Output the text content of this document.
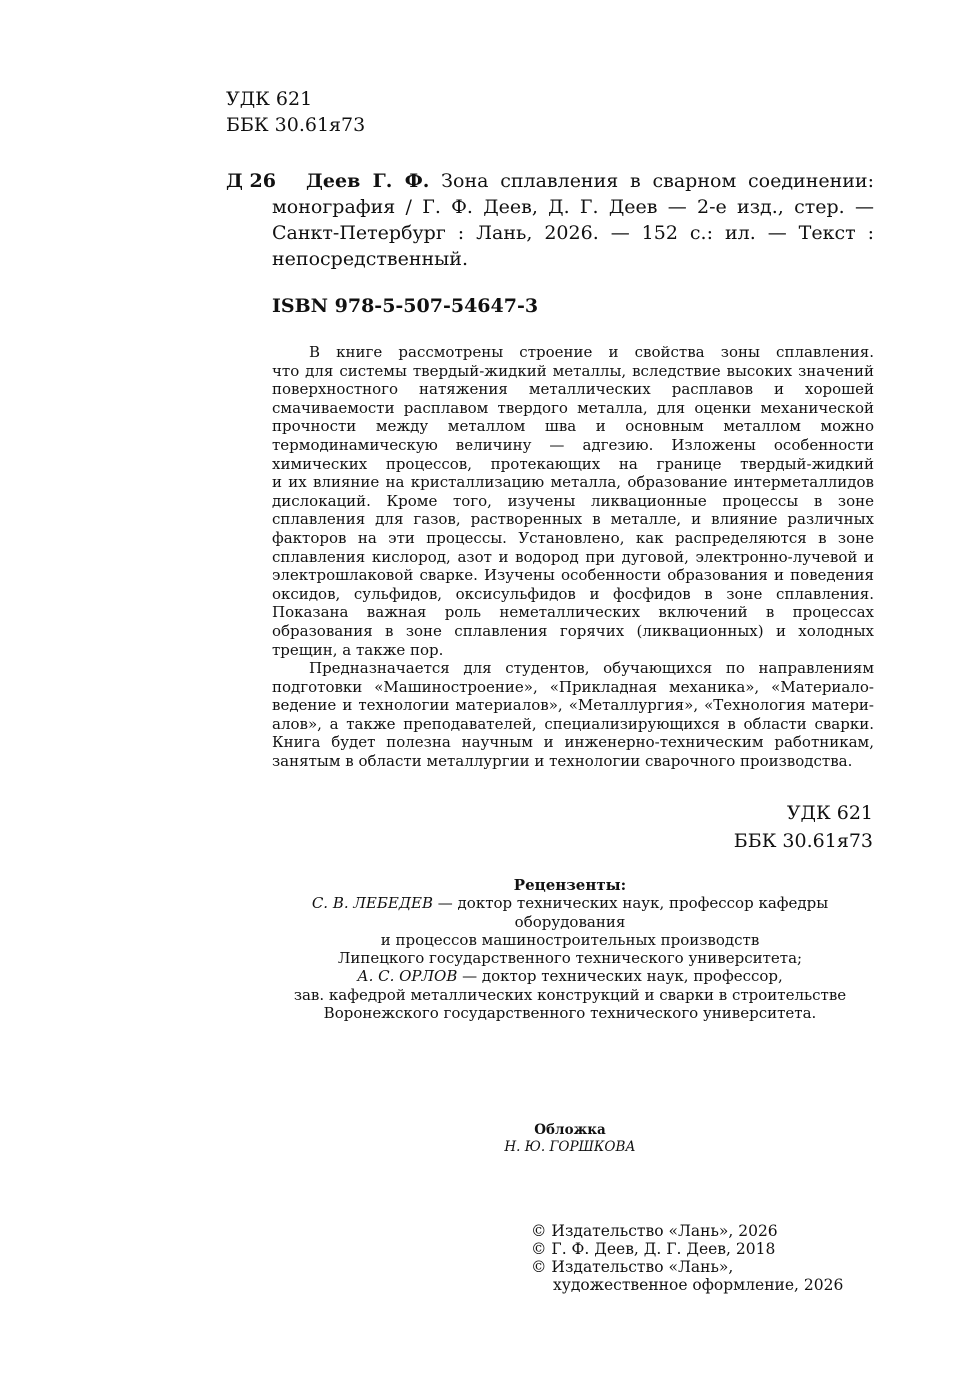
УДК 621
ББК 30.61я73
Д 26	Деев Г. Ф. Зона сплавления в сварном соединении:
монография / Г. Ф. Деев, Д. Г. Деев — 2-е изд., стер. —
Санкт-Петербург : Лань, 2026. — 152 с.: ил. — Текст :
непосредственный.
ISBN 978-5-507-54647-3
В книге рассмотрены строение и свойства зоны сплавления.
что для системы твердый-жидкий металлы, вследствие высоких значений
поверхностного натяжения металлических расплавов и хорошей
смачиваемости расплавом твердого металла, для оценки механической
прочности между металлом шва и основным металлом можно
термодинамическую величину — адгезию. Изложены особенности
химических процессов, протекающих на границе твердый-жидкий
и их влияние на кристаллизацию металла, образование интерметаллидов
дислокаций. Кроме того, изучены ликвационные процессы в зоне
сплавления для газов, растворенных в металле, и влияние различных
факторов на эти процессы. Установлено, как распределяются в зоне
сплавления кислород, азот и водород при дуговой, электронно-лучевой и
электрошлаковой сварке. Изучены особенности образования и поведения
оксидов, сульфидов, оксисульфидов и фосфидов в зоне сплавления.
Показана важная роль неметаллических включений в процессах
образования в зоне сплавления горячих (ликвационных) и холодных
трещин, а также пор.
Предназначается для студентов, обучающихся по направлениям
подготовки «Машиностроение», «Прикладная механика», «Материало-
ведение и технологии материалов», «Металлургия», «Технология матери-
алов», а также преподавателей, специализирующихся в области сварки.
Книга будет полезна научным и инженерно-техническим работникам,
занятым в области металлургии и технологии сварочного производства.
УДК 621
ББК 30.61я73
Рецензенты:
С. В. ЛЕБЕДЕВ — доктор технических наук, профессор кафедры
оборудования
и процессов машиностроительных производств
Липецкого государственного технического университета;
А. С. ОРЛОВ — доктор технических наук, профессор,
зав. кафедрой металлических конструкций и сварки в строительстве
Воронежского государственного технического университета.
Обложка
Н. Ю. ГОРШКОВА
© Издательство «Лань», 2026
© Г. Ф. Деев, Д. Г. Деев, 2018
© Издательство «Лань»,
художественное оформление, 2026
